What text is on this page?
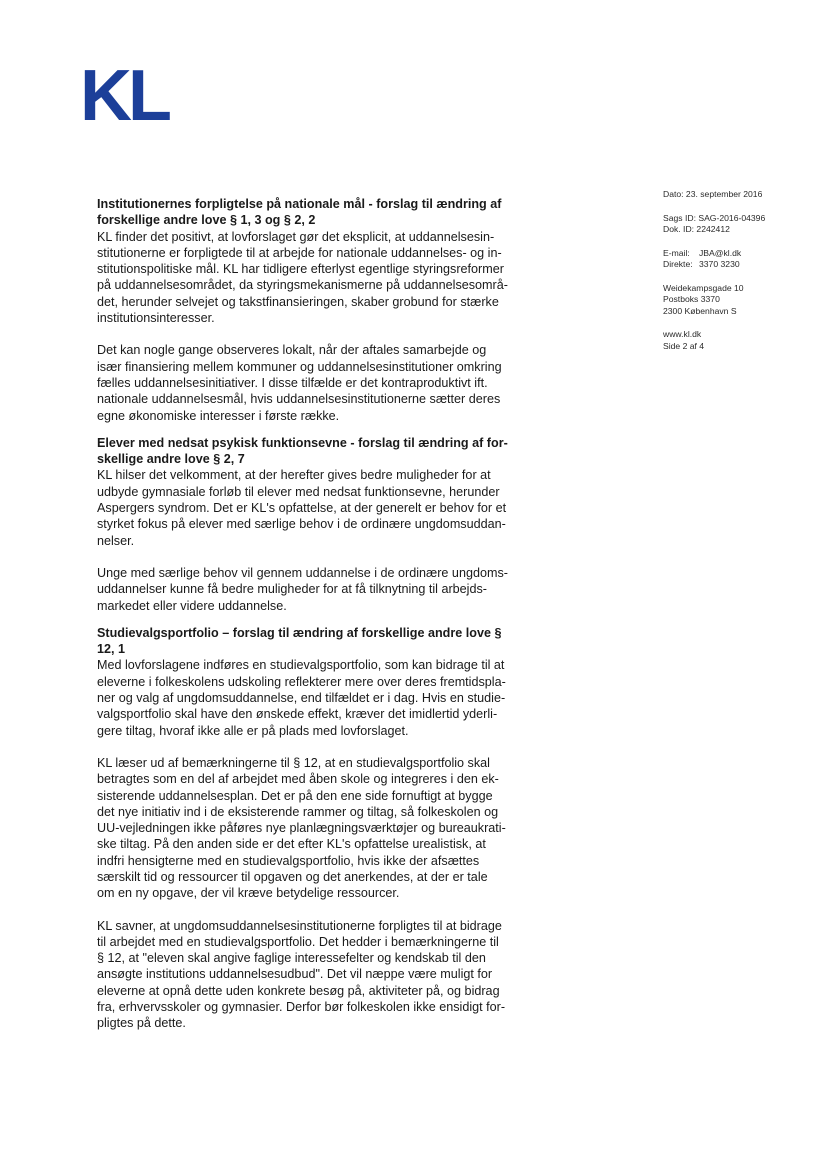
KL
Dato: 23. september 2016
Sags ID: SAG-2016-04396
Dok. ID: 2242412
E-mail:	JBA@kl.dk
Direkte: 3370 3230
Weidekampsgade 10
Postboks 3370
2300 København S
www.kl.dk
Side 2 af 4
Institutionernes forpligtelse på nationale mål - forslag til ændring af
forskellige andre love § 1, 3 og § 2, 2

KL finder det positivt, at lovforslaget gør det eksplicit, at uddannelsesin-
stitutionerne er forpligtede til at arbejde for nationale uddannelses- og in-
stitutionspolitiske mål. KL har tidligere efterlyst egentlige styringsreformer
på uddannelsesområdet, da styringsmekanismerne på uddannelsesområ-
det, herunder selvejet og takstfinansieringen, skaber grobund for stærke
institutionsinteresser.

Det kan nogle gange observeres lokalt, når der aftales samarbejde og
især finansiering mellem kommuner og uddannelsesinstitutioner omkring
fælles uddannelsesinitiativer. I disse tilfælde er det kontraproduktivt ift.
nationale uddannelsesmål, hvis uddannelsesinstitutionerne sætter deres
egne økonomiske interesser i første række.

Elever med nedsat psykisk funktionsevne - forslag til ændring af for-
skellige andre love § 2, 7

KL hilser det velkomment, at der herefter gives bedre muligheder for at
udbyde gymnasiale forløb til elever med nedsat funktionsevne, herunder
Aspergers syndrom. Det er KL's opfattelse, at der generelt er behov for et
styrket fokus på elever med særlige behov i de ordinære ungdomsuddan-
nelser.

Unge med særlige behov vil gennem uddannelse i de ordinære ungdoms-
uddannelser kunne få bedre muligheder for at få tilknytning til arbejds-
markedet eller videre uddannelse.

Studievalgsportfolio – forslag til ændring af forskellige andre love §
12, 1

Med lovforslagene indføres en studievalgsportfolio, som kan bidrage til at
eleverne i folkeskolens udskoling reflekterer mere over deres fremtidspla-
ner og valg af ungdomsuddannelse, end tilfældet er i dag. Hvis en studie-
valgsportfolio skal have den ønskede effekt, kræver det imidlertid yderli-
gere tiltag, hvoraf ikke alle er på plads med lovforslaget.

KL læser ud af bemærkningerne til § 12, at en studievalgsportfolio skal
betragtes som en del af arbejdet med åben skole og integreres i den ek-
sisterende uddannelsesplan. Det er på den ene side fornuftigt at bygge
det nye initiativ ind i de eksisterende rammer og tiltag, så folkeskolen og
UU-vejledningen ikke påføres nye planlægningsværktøjer og bureaukrati-
ske tiltag. På den anden side er det efter KL's opfattelse urealistisk, at
indfri hensigterne med en studievalgsportfolio, hvis ikke der afsættes
særskilt tid og ressourcer til opgaven og det anerkendes, at der er tale
om en ny opgave, der vil kræve betydelige ressourcer.

KL savner, at ungdomsuddannelsesinstitutionerne forpligtes til at bidrage
til arbejdet med en studievalgsportfolio. Det hedder i bemærkningerne til
§ 12, at "eleven skal angive faglige interessefelter og kendskab til den
ansøgte institutions uddannelsesudbud". Det vil næppe være muligt for
eleverne at opnå dette uden konkrete besøg på, aktiviteter på, og bidrag
fra, erhvervsskoler og gymnasier. Derfor bør folkeskolen ikke ensidigt for-
pligtes på dette.
